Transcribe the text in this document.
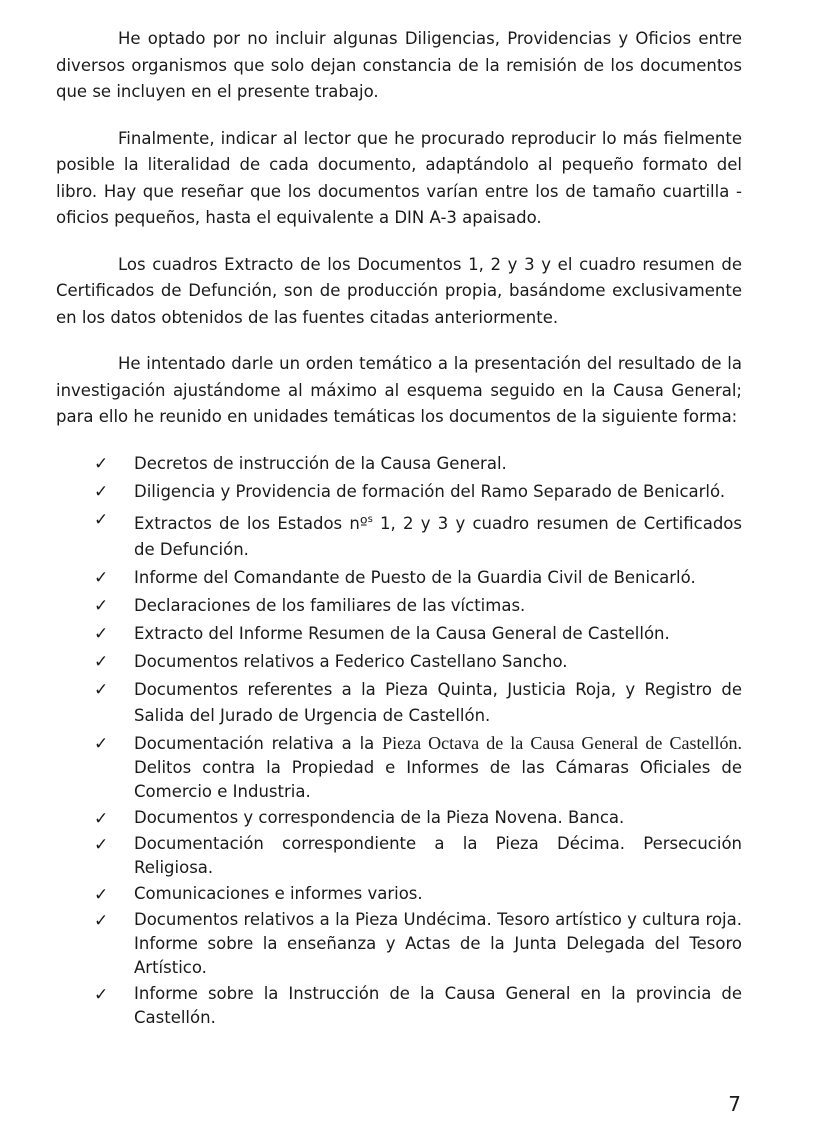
He optado por no incluir algunas Diligencias, Providencias y Oficios entre diversos organismos que solo dejan constancia de la remisión de los documentos que se incluyen en el presente trabajo.

Finalmente, indicar al lector que he procurado reproducir lo más fielmente posible la literalidad de cada documento, adaptándolo al pequeño formato del libro. Hay que reseñar que los documentos varían entre los de tamaño cuartilla - oficios pequeños, hasta el equivalente a DIN A-3 apaisado.

Los cuadros Extracto de los Documentos 1, 2 y 3 y el cuadro resumen de Certificados de Defunción, son de producción propia, basándome exclusivamente en los datos obtenidos de las fuentes citadas anteriormente.

He intentado darle un orden temático a la presentación del resultado de la investigación ajustándome al máximo al esquema seguido en la Causa General; para ello he reunido en unidades temáticas los documentos de la siguiente forma:

✓ Decretos de instrucción de la Causa General.
✓ Diligencia y Providencia de formación del Ramo Separado de Benicarló.
✓ Extractos de los Estados nº$^s$ 1, 2 y 3 y cuadro resumen de Certificados de Defunción.
✓ Informe del Comandante de Puesto de la Guardia Civil de Benicarló.
✓ Declaraciones de los familiares de las víctimas.
✓ Extracto del Informe Resumen de la Causa General de Castellón.
✓ Documentos relativos a Federico Castellano Sancho.
✓ Documentos referentes a la Pieza Quinta, Justicia Roja, y Registro de Salida del Jurado de Urgencia de Castellón.
✓ Documentación relativa a la Pieza Octava de la Causa General de Castellón. Delitos contra la Propiedad e Informes de las Cámaras Oficiales de Comercio e Industria.
✓ Documentos y correspondencia de la Pieza Novena. Banca.
✓ Documentación correspondiente a la Pieza Décima. Persecución Religiosa.
✓ Comunicaciones e informes varios.
✓ Documentos relativos a la Pieza Undécima. Tesoro artístico y cultura roja. Informe sobre la enseñanza y Actas de la Junta Delegada del Tesoro Artístico.
✓ Informe sobre la Instrucción de la Causa General en la provincia de Castellón.
7
